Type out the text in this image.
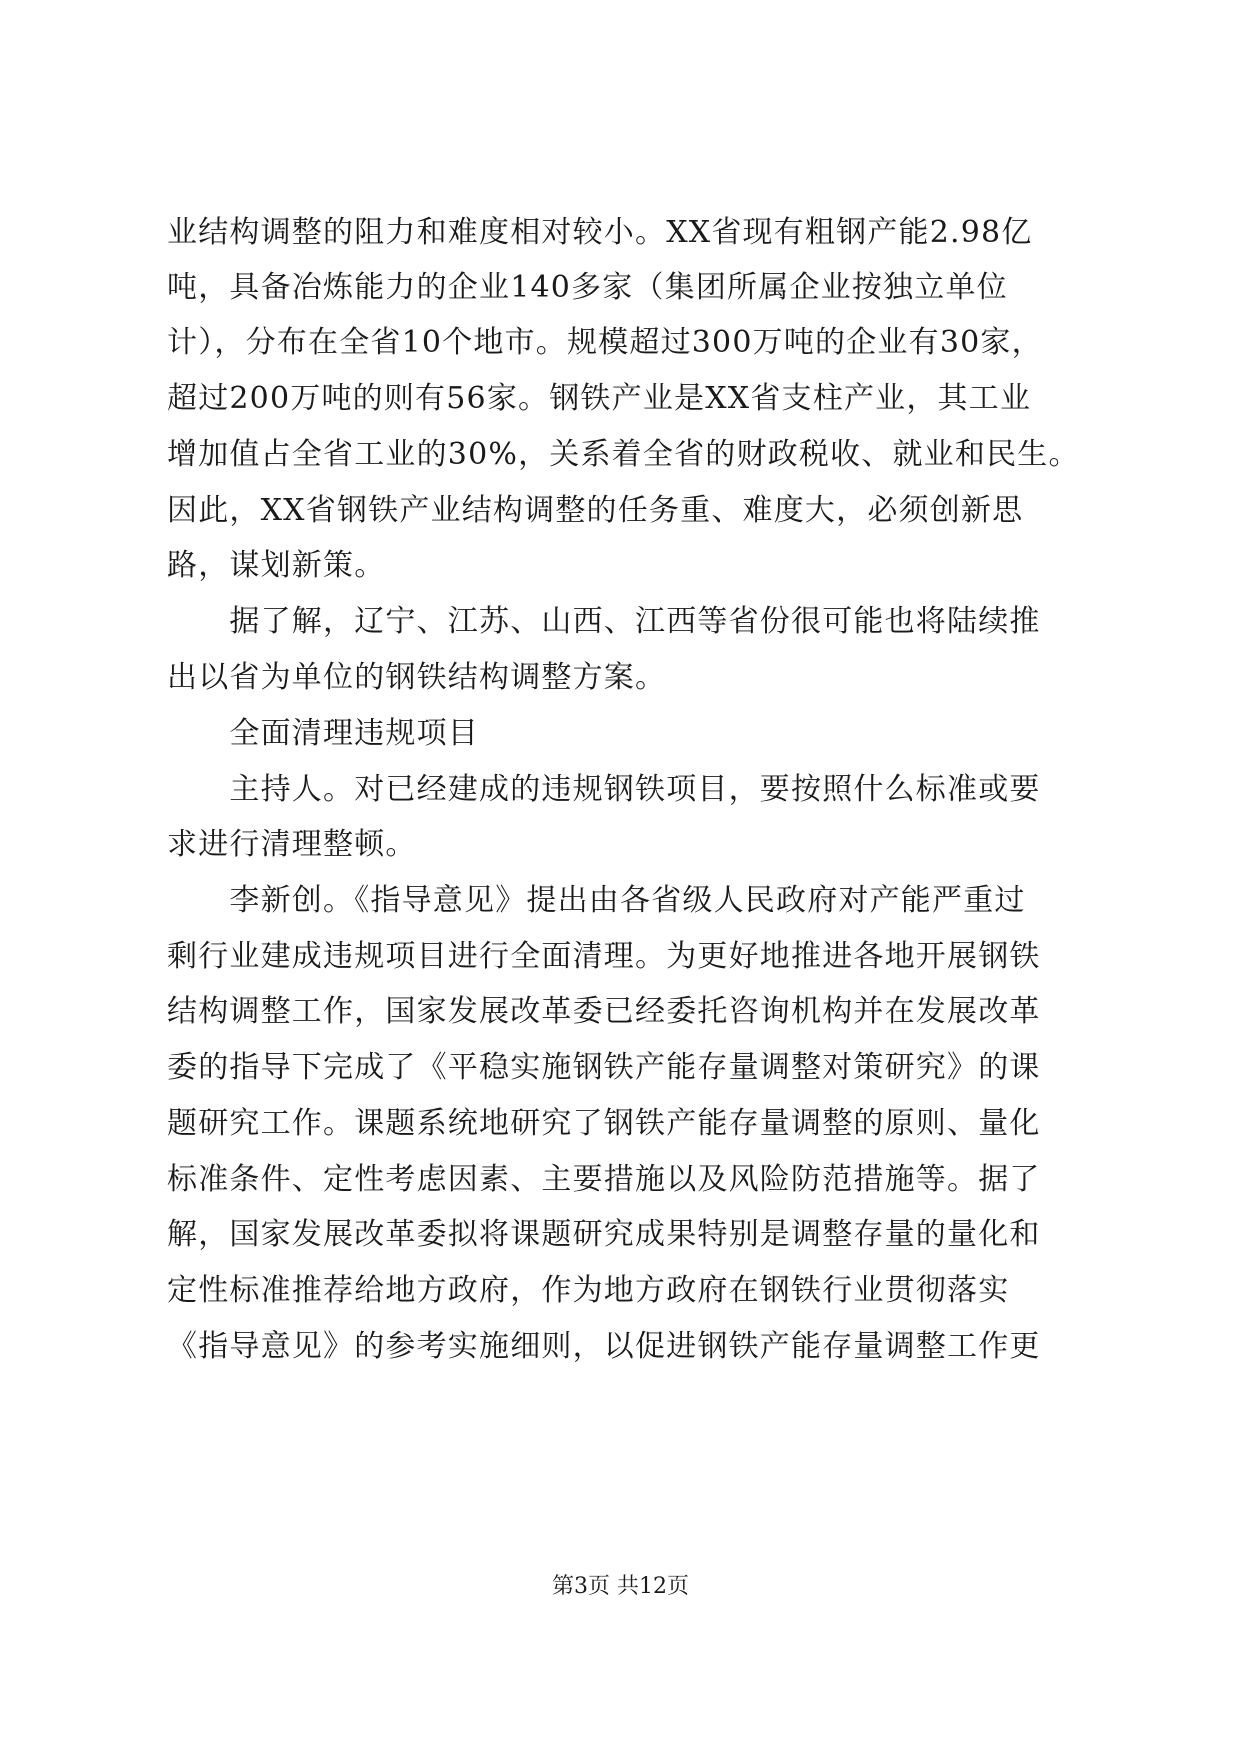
业结构调整的阻力和难度相对较小。XX省现有粗钢产能2.98亿
吨，具备冶炼能力的企业140多家（集团所属企业按独立单位
计），分布在全省10个地市。规模超过300万吨的企业有30家，
超过200万吨的则有56家。钢铁产业是XX省支柱产业，其工业
增加值占全省工业的30%，关系着全省的财政税收、就业和民生。
因此，XX省钢铁产业结构调整的任务重、难度大，必须创新思
路，谋划新策。
　　据了解，辽宁、江苏、山西、江西等省份很可能也将陆续推
出以省为单位的钢铁结构调整方案。
　　全面清理违规项目
　　主持人。对已经建成的违规钢铁项目，要按照什么标准或要
求进行清理整顿。
　　李新创。《指导意见》提出由各省级人民政府对产能严重过
剩行业建成违规项目进行全面清理。为更好地推进各地开展钢铁
结构调整工作，国家发展改革委已经委托咨询机构并在发展改革
委的指导下完成了《平稳实施钢铁产能存量调整对策研究》的课
题研究工作。课题系统地研究了钢铁产能存量调整的原则、量化
标准条件、定性考虑因素、主要措施以及风险防范措施等。据了
解，国家发展改革委拟将课题研究成果特别是调整存量的量化和
定性标准推荐给地方政府，作为地方政府在钢铁行业贯彻落实
《指导意见》的参考实施细则，以促进钢铁产能存量调整工作更
第3页 共12页
